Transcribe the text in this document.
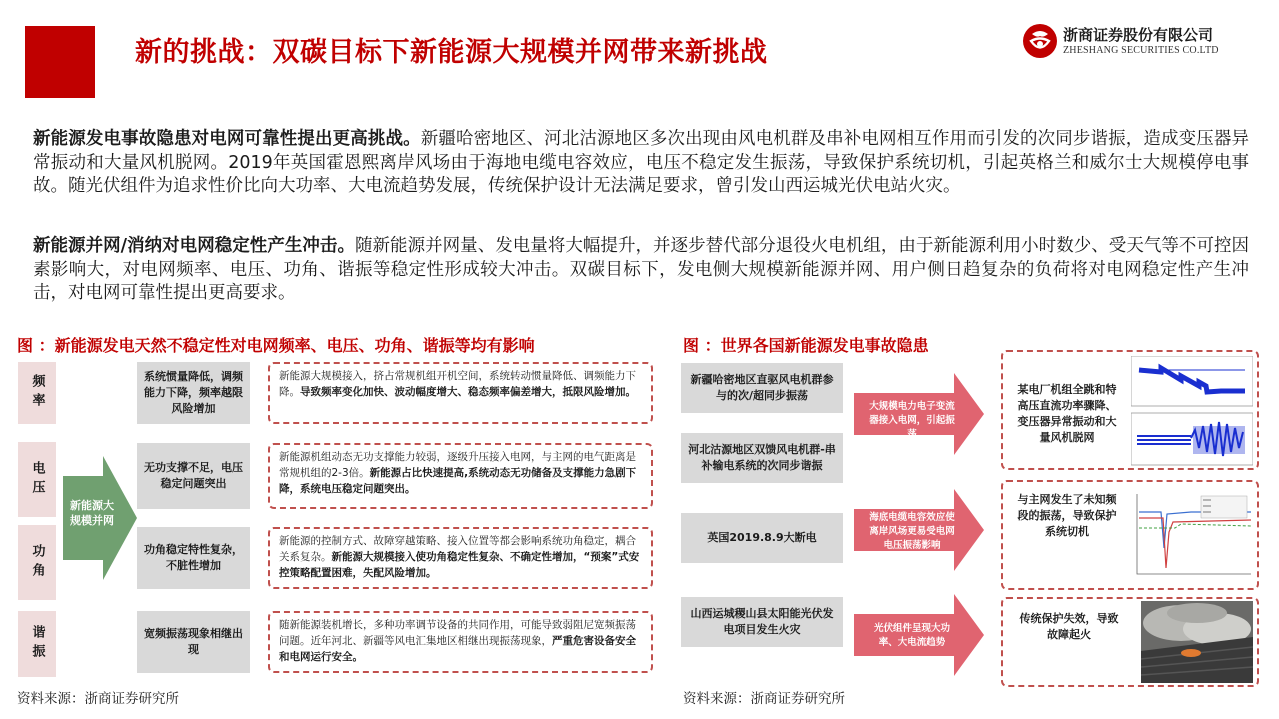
新的挑战：双碳目标下新能源大规模并网带来新挑战
浙商证券股份有限公司
ZHESHANG SECURITIES CO.LTD
新能源发电事故隐患对电网可靠性提出更高挑战。新疆哈密地区、河北沽源地区多次出现由风电机群及串补电网相互作用而引发的次同步谐振，造成变压器异常振动和大量风机脱网。2019年英国霍恩熙离岸风场由于海地电缆电容效应，电压不稳定发生振荡，导致保护系统切机，引起英格兰和威尔士大规模停电事故。随光伏组件为追求性价比向大功率、大电流趋势发展，传统保护设计无法满足要求，曾引发山西运城光伏电站火灾。
新能源并网/消纳对电网稳定性产生冲击。随新能源并网量、发电量将大幅提升，并逐步替代部分退役火电机组，由于新能源利用小时数少、受天气等不可控因素影响大，对电网频率、电压、功角、谐振等稳定性形成较大冲击。双碳目标下，发电侧大规模新能源并网、用户侧日趋复杂的负荷将对电网稳定性产生冲击，对电网可靠性提出更高要求。
图 ：新能源发电天然不稳定性对电网频率、电压、功角、谐振等均有影响	图 ：世界各国新能源发电事故隐患
频率
电压
功角
谐振
新能源大规模并网
系统惯量降低，调频能力下降，频率越限风险增加
无功支撑不足，电压稳定问题突出
功角稳定特性复杂，不脏性增加
宽频振荡现象相继出现
新能源大规模接入，挤占常规机组开机空间，系统转动惯量降低、调频能力下降。导致频率变化加快、波动幅度增大、稳态频率偏差增大，抵限风险增加。
新能源机组动态无功支撑能力较弱，逐级升压接入电网，与主网的电气距离是常规机组的2-3倍。新能源占比快速提高,系统动态无功储备及支撑能力急剧下降，系统电压稳定问题突出。
新能源的控制方式、故障穿越策略、接入位置等都会影响系统功角稳定，耦合关系复杂。新能源大规模接入使功角稳定性复杂、不确定性增加，“预案”式安控策略配置困难，失配风险增加。
随新能源装机增长，多种功率调节设备的共同作用，可能导致弱阻尼宽频振荡问题。近年河北、新疆等风电汇集地区相继出现振荡现象，严重危害设备安全和电网运行安全。
新疆哈密地区直驱风电机群参与的次/超同步振荡
河北沽源地区双馈风电机群-串补输电系统的次同步谐振
英国2019.8.9大断电
山西运城稷山县太阳能光伏发电项目发生火灾
大规模电力电子变流器接入电网，引起振荡
海底电缆电容效应使离岸风场更易受电网电压振荡影响
光伏组件呈现大功率、大电流趋势
某电厂机组全跳和特高压直流功率骤降、变压器异常振动和大量风机脱网
与主网发生了未知频段的振荡，导致保护系统切机
传统保护失效，导致故障起火
资料来源：浙商证券研究所	资料来源：浙商证券研究所
